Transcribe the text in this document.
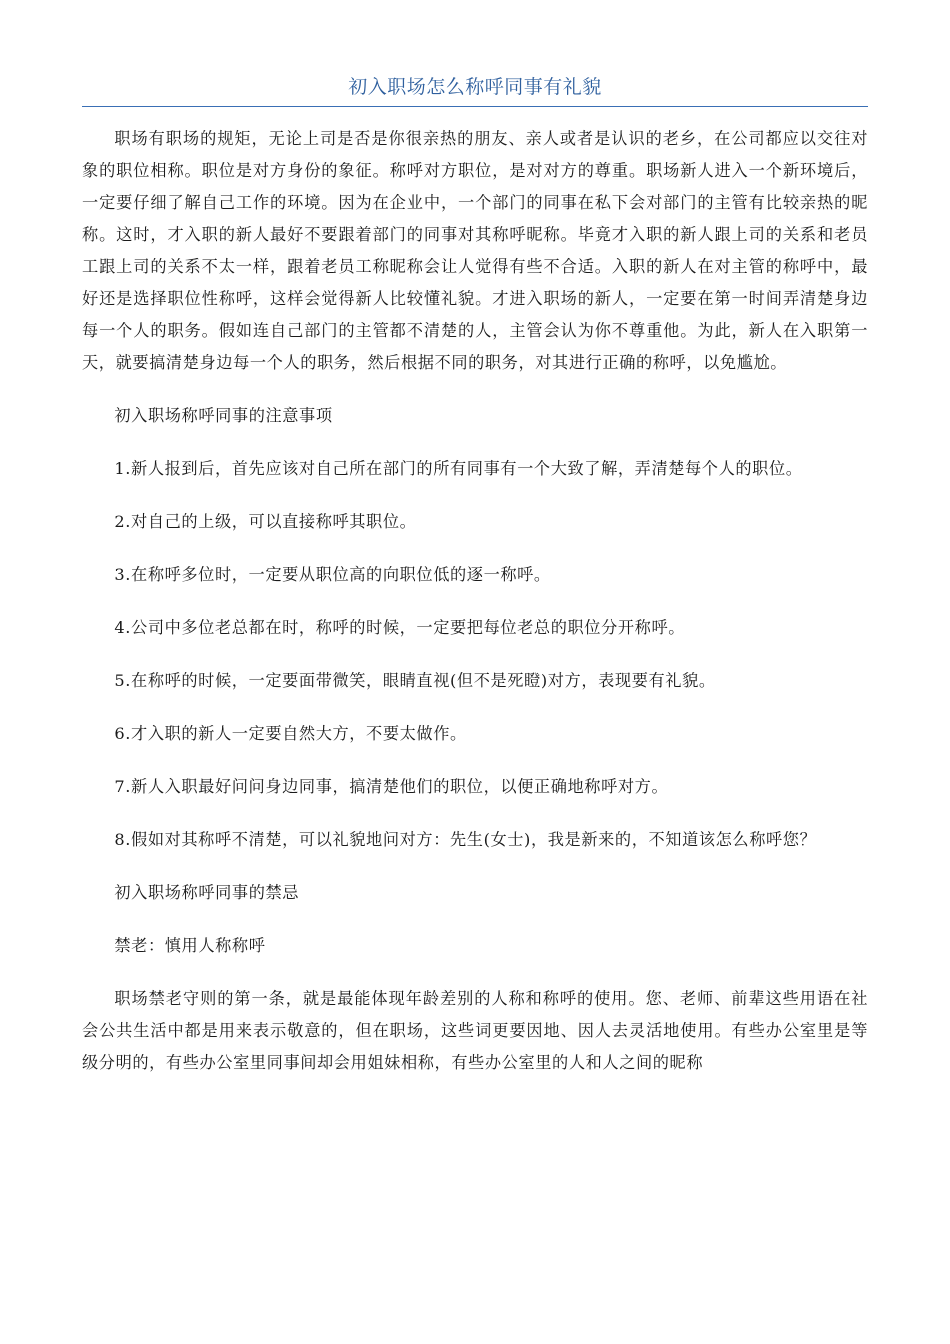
初入职场怎么称呼同事有礼貌

职场有职场的规矩，无论上司是否是你很亲热的朋友、亲人或者是认识的老乡，在公司都应以交往对象的职位相称。职位是对方身份的象征。称呼对方职位，是对对方的尊重。职场新人进入一个新环境后，一定要仔细了解自己工作的环境。因为在企业中，一个部门的同事在私下会对部门的主管有比较亲热的昵称。这时，才入职的新人最好不要跟着部门的同事对其称呼昵称。毕竟才入职的新人跟上司的关系和老员工跟上司的关系不太一样，跟着老员工称昵称会让人觉得有些不合适。入职的新人在对主管的称呼中，最好还是选择职位性称呼，这样会觉得新人比较懂礼貌。才进入职场的新人，一定要在第一时间弄清楚身边每一个人的职务。假如连自己部门的主管都不清楚的人，主管会认为你不尊重他。为此，新人在入职第一天，就要搞清楚身边每一个人的职务，然后根据不同的职务，对其进行正确的称呼，以免尴尬。

初入职场称呼同事的注意事项

1.新人报到后，首先应该对自己所在部门的所有同事有一个大致了解，弄清楚每个人的职位。

2.对自己的上级，可以直接称呼其职位。

3.在称呼多位时，一定要从职位高的向职位低的逐一称呼。

4.公司中多位老总都在时，称呼的时候，一定要把每位老总的职位分开称呼。

5.在称呼的时候，一定要面带微笑，眼睛直视(但不是死瞪)对方，表现要有礼貌。

6.才入职的新人一定要自然大方，不要太做作。

7.新人入职最好问问身边同事，搞清楚他们的职位，以便正确地称呼对方。

8.假如对其称呼不清楚，可以礼貌地问对方：先生(女士)，我是新来的，不知道该怎么称呼您？

初入职场称呼同事的禁忌

禁老：慎用人称称呼

职场禁老守则的第一条，就是最能体现年龄差别的人称和称呼的使用。您、老师、前辈这些用语在社会公共生活中都是用来表示敬意的，但在职场，这些词更要因地、因人去灵活地使用。有些办公室里是等级分明的，有些办公室里同事间却会用姐妹相称，有些办公室里的人和人之间的昵称
